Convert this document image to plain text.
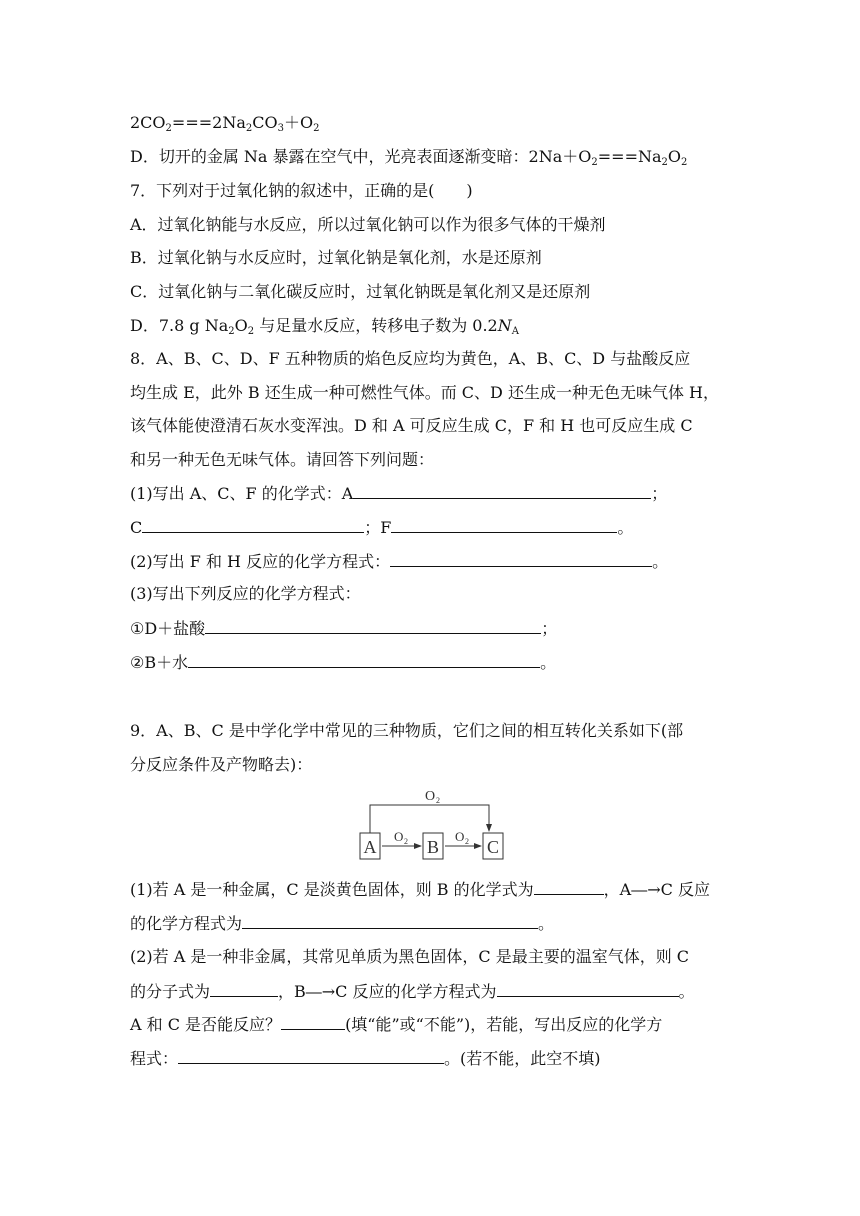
$2CO_2===2Na_2CO_3+O_2$
D．切开的金属 Na 暴露在空气中，光亮表面逐渐变暗：$2Na+O_2===Na_2O_2$
7．下列对于过氧化钠的叙述中，正确的是(　　)
A．过氧化钠能与水反应，所以过氧化钠可以作为很多气体的干燥剂
B．过氧化钠与水反应时，过氧化钠是氧化剂，水是还原剂
C．过氧化钠与二氧化碳反应时，过氧化钠既是氧化剂又是还原剂
D．7.8 g $Na_2O_2$ 与足量水反应，转移电子数为 $0.2N_A$
8．A、B、C、D、F 五种物质的焰色反应均为黄色，A、B、C、D 与盐酸反应
均生成 E，此外 B 还生成一种可燃性气体。而 C、D 还生成一种无色无味气体 H，
该气体能使澄清石灰水变浑浊。D 和 A 可反应生成 C，F 和 H 也可反应生成 C
和另一种无色无味气体。请回答下列问题：
(1)写出 A、C、F 的化学式：A	；
C	；F	。
(2)写出 F 和 H 反应的化学方程式：	。
(3)写出下列反应的化学方程式：
①D＋盐酸	；
②B＋水	。
9．A、B、C 是中学化学中常见的三种物质，它们之间的相互转化关系如下(部
分反应条件及产物略去)：
A	B	C
O 2
O 2	O 2
(1)若 A 是一种金属，C 是淡黄色固体，则 B 的化学式为	，A―→C 反应
的化学方程式为	。
(2)若 A 是一种非金属，其常见单质为黑色固体，C 是最主要的温室气体，则 C
的分子式为	，B―→C 反应的化学方程式为	。
A 和 C 是否能反应？	(填“能”或“不能”)，若能，写出反应的化学方
程式：	。(若不能，此空不填)
